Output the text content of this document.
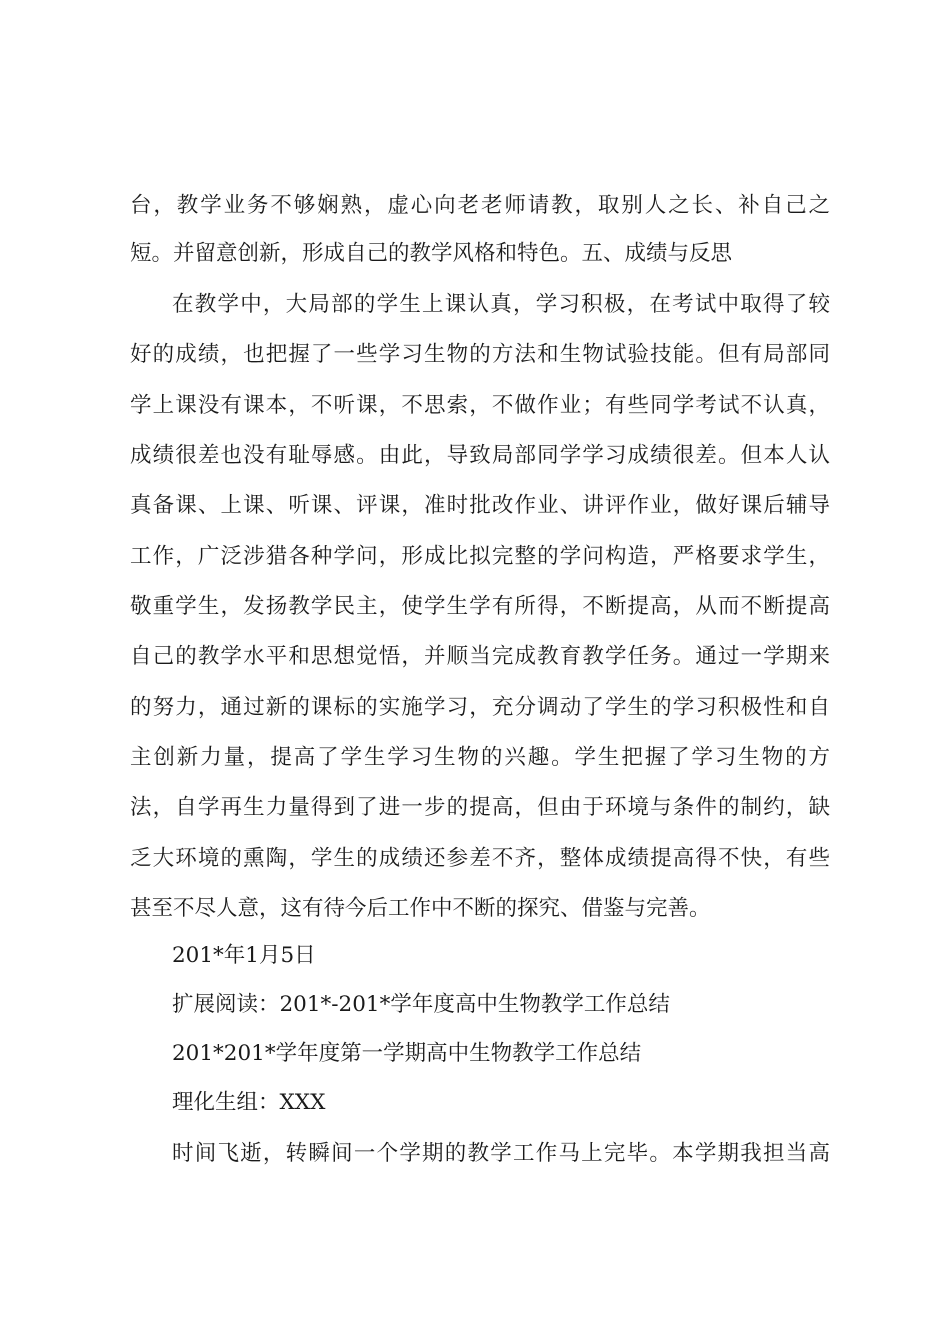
台，教学业务不够娴熟，虚心向老老师请教，取别人之长、补自己之
短。并留意创新，形成自己的教学风格和特色。五、成绩与反思
在教学中，大局部的学生上课认真，学习积极，在考试中取得了较
好的成绩，也把握了一些学习生物的方法和生物试验技能。但有局部同
学上课没有课本，不听课，不思索，不做作业；有些同学考试不认真，
成绩很差也没有耻辱感。由此，导致局部同学学习成绩很差。但本人认
真备课、上课、听课、评课，准时批改作业、讲评作业，做好课后辅导
工作，广泛涉猎各种学问，形成比拟完整的学问构造，严格要求学生，
敬重学生，发扬教学民主，使学生学有所得，不断提高，从而不断提高
自己的教学水平和思想觉悟，并顺当完成教育教学任务。通过一学期来
的努力，通过新的课标的实施学习，充分调动了学生的学习积极性和自
主创新力量，提高了学生学习生物的兴趣。学生把握了学习生物的方
法，自学再生力量得到了进一步的提高，但由于环境与条件的制约，缺
乏大环境的熏陶，学生的成绩还参差不齐，整体成绩提高得不快，有些
甚至不尽人意，这有待今后工作中不断的探究、借鉴与完善。
201*年1月5日
扩展阅读：201*-201*学年度高中生物教学工作总结
201*201*学年度第一学期高中生物教学工作总结
理化生组：XXX
时间飞逝，转瞬间一个学期的教学工作马上完毕。本学期我担当高
